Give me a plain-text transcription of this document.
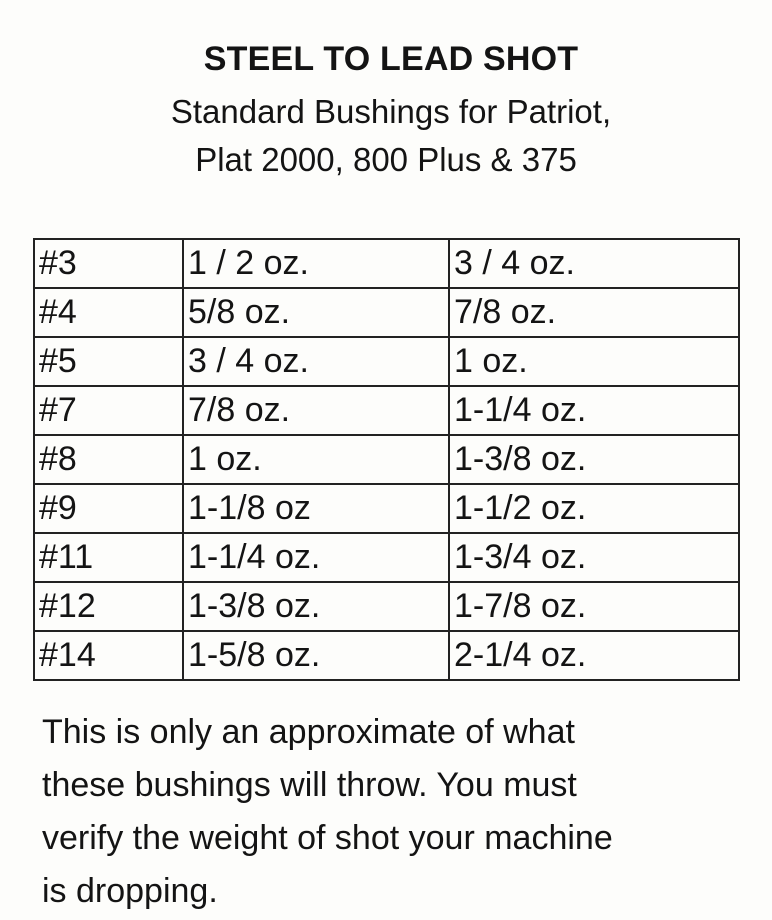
STEEL TO LEAD SHOT
Standard Bushings for Patriot,
Plat 2000, 800 Plus & 375
#3	1 / 2 oz.	3 / 4 oz.
#4	5/8 oz.	7/8 oz.
#5	3 / 4 oz.	1 oz.
#7	7/8 oz.	1-1/4 oz.
#8	1 oz.	1-3/8 oz.
#9	1-1/8 oz	1-1/2 oz.
#11	1-1/4 oz.	1-3/4 oz.
#12	1-3/8 oz.	1-7/8 oz.
#14	1-5/8 oz.	2-1/4 oz.
This is only an approximate of what
these bushings will throw. You must
verify the weight of shot your machine
is dropping.
